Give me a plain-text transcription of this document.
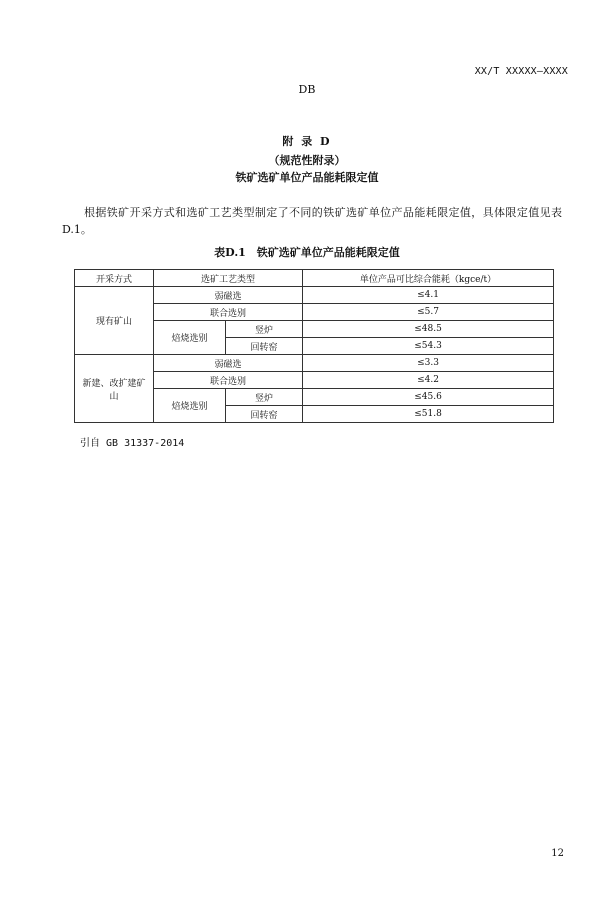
XX/T XXXXX—XXXX
DB
附 录 D
（规范性附录）
铁矿选矿单位产品能耗限定值
根据铁矿开采方式和选矿工艺类型制定了不同的铁矿选矿单位产品能耗限定值，具体限定值见表D.1。
表D.1　铁矿选矿单位产品能耗限定值
开采方式	选矿工艺类型		单位产品可比综合能耗（kgce/t）
现有矿山	弱磁选		≤4.1
	联合选别		≤5.7
	焙烧选别	竖炉	≤48.5
		回转窑	≤54.3
新建、改扩建矿山	弱磁选		≤3.3
	联合选别		≤4.2
	焙烧选别	竖炉	≤45.6
		回转窑	≤51.8
引自 GB 31337-2014
12
